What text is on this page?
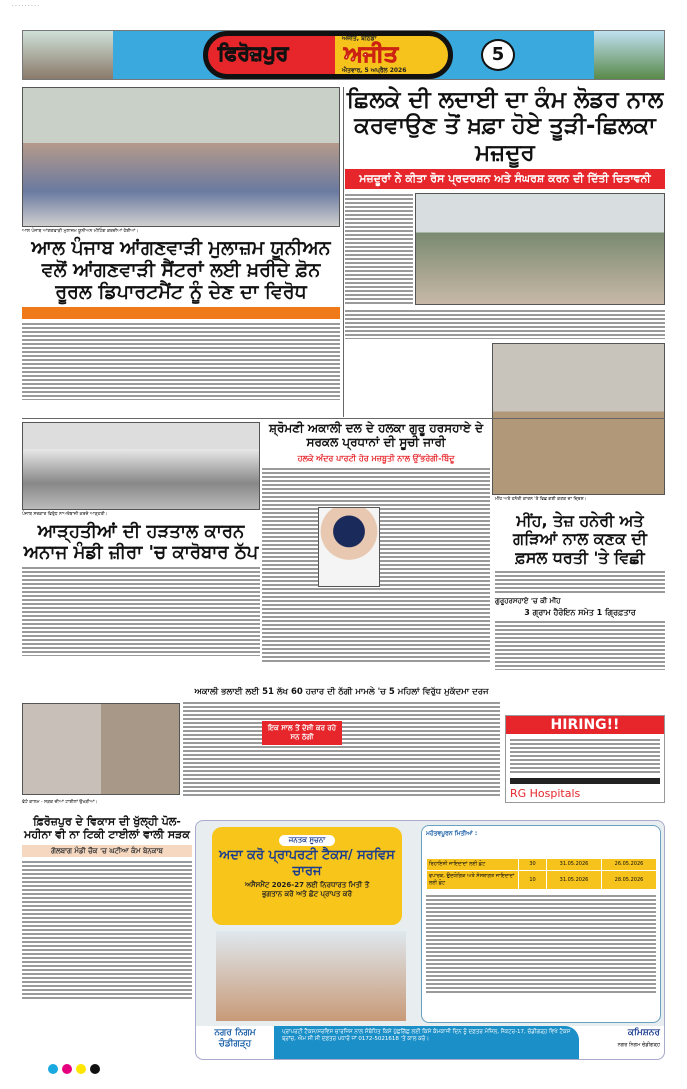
· · · · · · · · ·
ਫਿਰੋਜ਼ਪੁਰ
ਅਜੀਤ, ਬਠਿੰਡਾ
ਅਜੀਤ
ਐਤਵਾਰ, 5 ਅਪ੍ਰੈਲ 2026
5
ਆਲ ਪੰਜਾਬ ਆਂਗਣਵਾੜੀ ਮੁਲਾਜ਼ਮ ਯੂਨੀਅਨ ਮੀਟਿੰਗ ਕਰਦੀਆਂ ਹੋਈਆਂ।
ਆਲ ਪੰਜਾਬ ਆਂਗਣਵਾੜੀ ਮੁਲਾਜ਼ਮ ਯੂਨੀਅਨ ਵਲੋਂ ਆਂਗਣਵਾੜੀ ਸੈਂਟਰਾਂ ਲਈ ਖ਼ਰੀਦੇ ਫ਼ੋਨ ਰੂਰਲ ਡਿਪਾਰਟਮੈਂਟ ਨੂੰ ਦੇਣ ਦਾ ਵਿਰੋਧ
ਛਿਲਕੇ ਦੀ ਲਦਾਈ ਦਾ ਕੰਮ ਲੋਡਰ ਨਾਲ ਕਰਵਾਉਣ ਤੋਂ ਖ਼ਫ਼ਾ ਹੋਏ ਤੂੜੀ-ਛਿਲਕਾ ਮਜ਼ਦੂਰ
ਮਜ਼ਦੂਰਾਂ ਨੇ ਕੀਤਾ ਰੋਸ ਪ੍ਰਦਰਸ਼ਨ ਅਤੇ ਸੰਘਰਸ਼ ਕਰਨ ਦੀ ਦਿੱਤੀ ਚਿਤਾਵਨੀ
ਸ਼੍ਰੋਮਣੀ ਅਕਾਲੀ ਦਲ ਦੇ ਹਲਕਾ ਗੁਰੂ ਹਰਸਹਾਏ ਦੇ ਸਰਕਲ ਪ੍ਰਧਾਨਾਂ ਦੀ ਸੂਚੀ ਜਾਰੀ
ਹਲਕੇ ਅੰਦਰ ਪਾਰਟੀ ਹੋਰ ਮਜ਼ਬੂਤੀ ਨਾਲ ਉੱਭਰੇਗੀ-ਬਿੰਦੂ
ਮੀਂਹ ਅਤੇ ਹਨੇਰੀ ਕਾਰਨ 'ਤੇ ਵਿਛ ਗਈ ਕਣਕ ਦਾ ਦ੍ਰਿਸ਼।
ਮੀਂਹ, ਤੇਜ਼ ਹਨੇਰੀ ਅਤੇ ਗੜਿਆਂ ਨਾਲ ਕਣਕ ਦੀ ਫ਼ਸਲ ਧਰਤੀ 'ਤੇ ਵਿਛੀ
ਗੁਰੂਹਰਸਹਾਏ 'ਚ ਕੀ ਮੀਂਹ
3 ਗ੍ਰਾਮ ਹੈਰੋਇਨ ਸਮੇਤ 1 ਗ੍ਰਿਫ਼ਤਾਰ
ਪੰਜਾਬ ਸਰਕਾਰ ਵਿਰੁੱਧ ਨਾਅਰੇਬਾਜ਼ੀ ਕਰਦੇ ਆੜ੍ਹਤੀ।
ਆੜ੍ਹਤੀਆਂ ਦੀ ਹੜਤਾਲ ਕਾਰਨ ਅਨਾਜ ਮੰਡੀ ਜ਼ੀਰਾ 'ਚ ਕਾਰੋਬਾਰ ਠੱਪ
ਅਕਾਲੀ ਭਲਾਈ ਲਈ 51 ਲੱਖ 60 ਹਜ਼ਾਰ ਦੀ ਠੱਗੀ ਮਾਮਲੇ 'ਚ 5 ਮਹਿਲਾਂ ਵਿਰੁੱਧ ਮੁਕੱਦਮਾ ਦਰਜ
ਇਕ ਸਾਲ ਤੋਂ ਦੋਸ਼ੀ ਕਰ ਰਹੇ ਸਨ ਠੱਗੀ
HIRING!!
RG Hospitals
ਫੋਟੋ ਕਾਲਮ - ਸੜਕ ਦੀਆਂ ਟਾਈਲਾਂ ਉਖੜੀਆਂ।
ਫ਼ਿਰੋਜ਼ਪੁਰ ਦੇ ਵਿਕਾਸ ਦੀ ਖੁੱਲ੍ਹੀ ਪੋਲ-ਮਹੀਨਾ ਵੀ ਨਾ ਟਿਕੀ ਟਾਈਲਾਂ ਵਾਲੀ ਸੜਕ
ਗੋਲਬਾਗ ਮੰਡੀ ਚੌਕ 'ਚ ਘਟੀਆ ਕੰਮ ਬੇਨਕਾਬ
ਜਨਤਕ ਸੂਚਨਾ
ਅਦਾ ਕਰੋ ਪ੍ਰਾਪਰਟੀ ਟੈਕਸ/ ਸਰਵਿਸ ਚਾਰਜ
ਅਸੈਸਮੈਂਟ 2026-27 ਲਈ ਨਿਰਧਾਰਤ ਮਿਤੀ ਤੋਂ ਭੁਗਤਾਨ ਕਰੋ ਅਤੇ ਛੋਟ ਪ੍ਰਾਪਤ ਕਰੋ
ਮਹੱਤਵਪੂਰਨ ਮਿਤੀਆਂ :

ਰਿਹਾਇਸ਼ੀ ਜਾਇਦਾਦਾਂ ਲਈ ਛੋਟ	30	31.05.2026	26.05.2026
ਵਪਾਰਕ, ਉਦਯੋਗਿਕ ਅਤੇ ਸੰਸਥਾਗਤ ਜਾਇਦਾਦਾਂ ਲਈ ਛੋਟ	10	31.05.2026	28.05.2026
ਨਗਰ ਨਿਗਮ ਚੰਡੀਗੜ੍ਹ
ਪ੍ਰਾਪਰਟੀ ਟੈਕਸ/ਸਰਵਿਸ ਚਾਰਜਿਸ ਨਾਲ ਸੰਬੰਧਿਤ ਕਿਸੇ ਪੁੱਛਗਿੱਛ ਲਈ ਕਿਸੇ ਕੰਮਕਾਜੀ ਦਿਨ ਨੂੰ ਦਫ਼ਤਰ ਮੰਜ਼ਿਲ, ਸੈਕਟਰ-17, ਚੰਡੀਗੜ੍ਹ ਵਿਖੇ ਟੈਕਸ ਬ੍ਰਾਂਚ, ਐਮ ਸੀ ਸੀ ਦਫ਼ਤਰ ਪਧਾਰੋ ਜਾਂ 0172-5021618 'ਤੇ ਕਾਲ ਕਰੋ।
ਕਮਿਸ਼ਨਰ
ਨਗਰ ਨਿਗਮ ਚੰਡੀਗੜ੍ਹ
